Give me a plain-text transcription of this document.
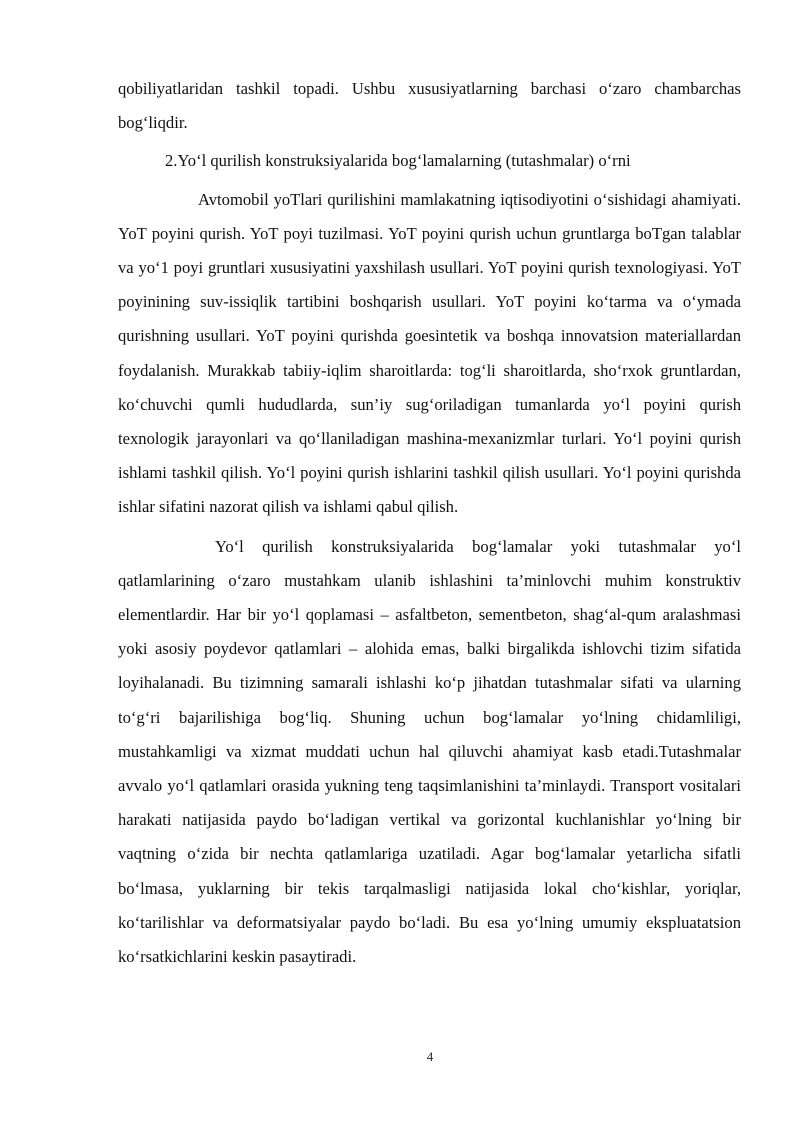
qobiliyatlaridan tashkil topadi. Ushbu xususiyatlarning barchasi o‘zaro chambarchas bog‘liqdir.

2.Yo‘l qurilish konstruksiyalarida bog‘lamalarning (tutashmalar) o‘rni

Avtomobil yoTlari qurilishini mamlakatning iqtisodiyotini o‘sishidagi ahamiyati. YoT poyini qurish. YoT poyi tuzilmasi. YoT poyini qurish uchun gruntlarga boTgan talablar va yo‘1 poyi gruntlari xususiyatini yaxshilash usullari. YoT poyini qurish texnologiyasi. YoT poyinining suv-issiqlik tartibini boshqarish usullari. YoT poyini ko‘tarma va o‘ymada qurishning usullari. YoT poyini qurishda goesintetik va boshqa innovatsion materiallardan foydalanish. Murakkab tabiiy-iqlim sharoitlarda: tog‘li sharoitlarda, sho‘rxok gruntlardan, ko‘chuvchi qumli hududlarda, sun’iy sug‘oriladigan tumanlarda yo‘l poyini qurish texnologik jarayonlari va qo‘llaniladigan mashina-mexanizmlar turlari. Yo‘l poyini qurish ishlami tashkil qilish. Yo‘l poyini qurish ishlarini tashkil qilish usullari. Yo‘l poyini qurishda ishlar sifatini nazorat qilish va ishlami qabul qilish.

Yo‘l qurilish konstruksiyalarida bog‘lamalar yoki tutashmalar yo‘l qatlamlarining o‘zaro mustahkam ulanib ishlashini ta’minlovchi muhim konstruktiv elementlardir. Har bir yo‘l qoplamasi – asfaltbeton, sementbeton, shag‘al-qum aralashmasi yoki asosiy poydevor qatlamlari – alohida emas, balki birgalikda ishlovchi tizim sifatida loyihalanadi. Bu tizimning samarali ishlashi ko‘p jihatdan tutashmalar sifati va ularning to‘g‘ri bajarilishiga bog‘liq. Shuning uchun bog‘lamalar yo‘lning chidamliligi, mustahkamligi va xizmat muddati uchun hal qiluvchi ahamiyat kasb etadi.Tutashmalar avvalo yo‘l qatlamlari orasida yukning teng taqsimlanishini ta’minlaydi. Transport vositalari harakati natijasida paydo bo‘ladigan vertikal va gorizontal kuchlanishlar yo‘lning bir vaqtning o‘zida bir nechta qatlamlariga uzatiladi. Agar bog‘lamalar yetarlicha sifatli bo‘lmasa, yuklarning bir tekis tarqalmasligi natijasida lokal cho‘kishlar, yoriqlar, ko‘tarilishlar va deformatsiyalar paydo bo‘ladi. Bu esa yo‘lning umumiy ekspluatatsion ko‘rsatkichlarini keskin pasaytiradi.

4
